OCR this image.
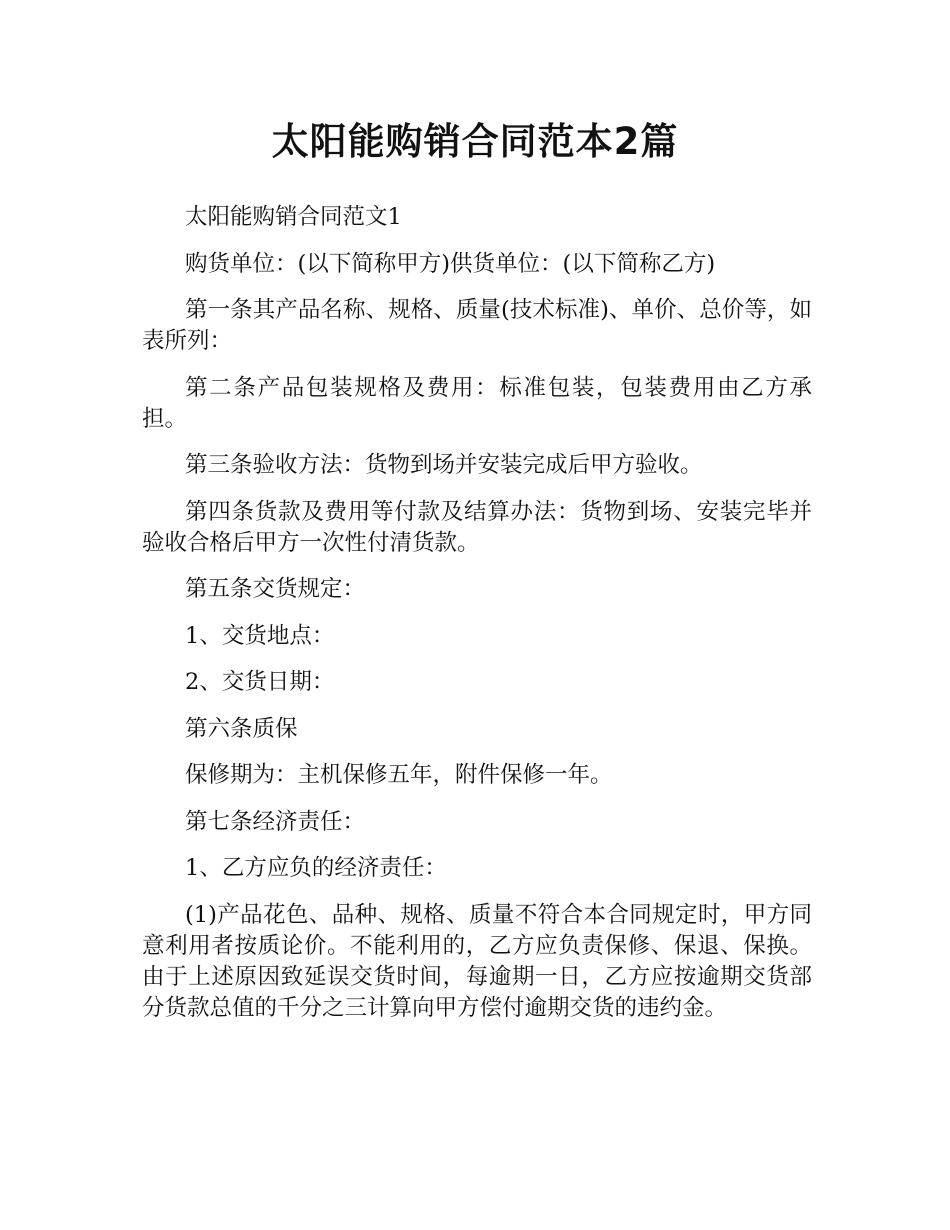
太阳能购销合同范本2篇

太阳能购销合同范文1

购货单位：(以下简称甲方)供货单位：(以下简称乙方)

第一条其产品名称、规格、质量(技术标准)、单价、总价等，如表所列：

第二条产品包装规格及费用：标准包装，包装费用由乙方承担。

第三条验收方法：货物到场并安装完成后甲方验收。

第四条货款及费用等付款及结算办法：货物到场、安装完毕并验收合格后甲方一次性付清货款。

第五条交货规定：

1、交货地点：

2、交货日期：

第六条质保

保修期为：主机保修五年，附件保修一年。

第七条经济责任：

1、乙方应负的经济责任：

(1)产品花色、品种、规格、质量不符合本合同规定时，甲方同意利用者按质论价。不能利用的，乙方应负责保修、保退、保换。由于上述原因致延误交货时间，每逾期一日，乙方应按逾期交货部分货款总值的千分之三计算向甲方偿付逾期交货的违约金。
